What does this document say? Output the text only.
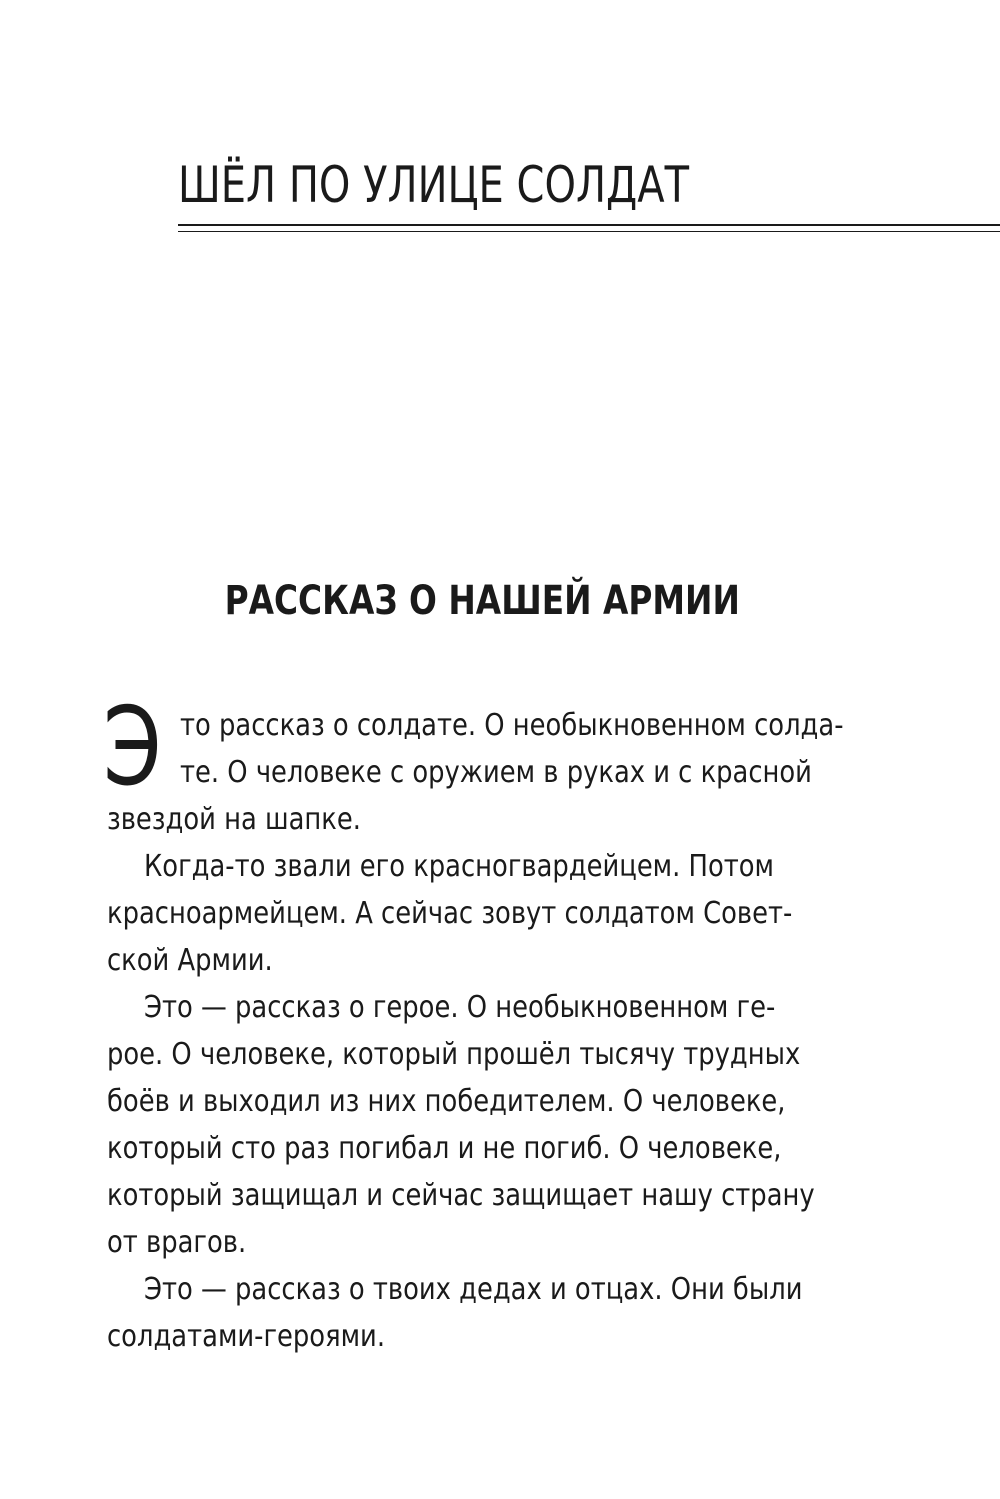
ШЁЛ ПО УЛИЦЕ СОЛДАТ
РАССКАЗ О НАШЕЙ АРМИИ
Э то рассказ о солдате. О необыкновенном солда-
те. О человеке с оружием в руках и с красной
звездой на шапке.
Когда-то звали его красногвардейцем. Потом
красноармейцем. А сейчас зовут солдатом Совет-
ской Армии.
Это — рассказ о герое. О необыкновенном ге-
рое. О человеке, который прошёл тысячу трудных
боёв и выходил из них победителем. О человеке,
который сто раз погибал и не погиб. О человеке,
который защищал и сейчас защищает нашу страну
от врагов.
Это — рассказ о твоих дедах и отцах. Они были
солдатами-героями.
